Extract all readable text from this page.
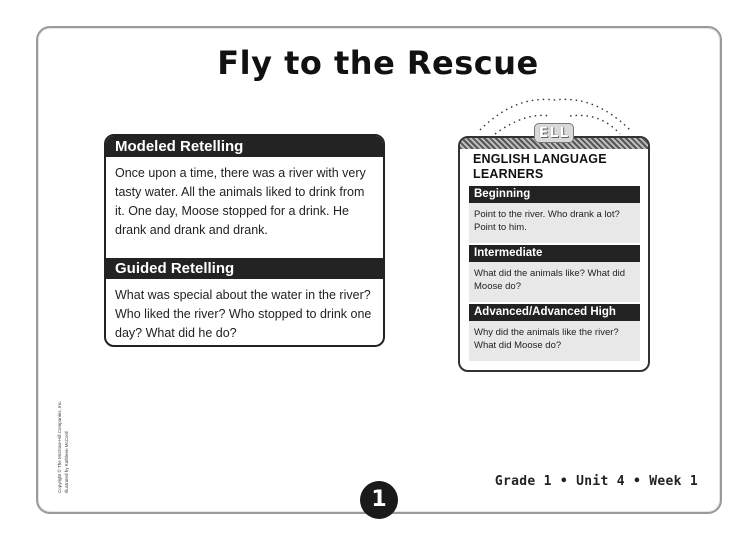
Fly to the Rescue
Modeled Retelling

Once upon a time, there was a river with very tasty water. All the animals liked to drink from it. One day, Moose stopped for a drink. He drank and drank and drank.

Guided Retelling

What was special about the water in the river? Who liked the river? Who stopped to drink one day? What did he do?

ENGLISH LANGUAGE LEARNERS
Beginning
Point to the river. Who drank a lot? Point to him.
Intermediate
What did the animals like? What did Moose do?
Advanced/Advanced High
Why did the animals like the river? What did Moose do?
ELL
Copyright © The McGraw-Hill Companies, Inc. Illustrated by Kathleen McCord	Grade 1 • Unit 4 • Week 1
1
